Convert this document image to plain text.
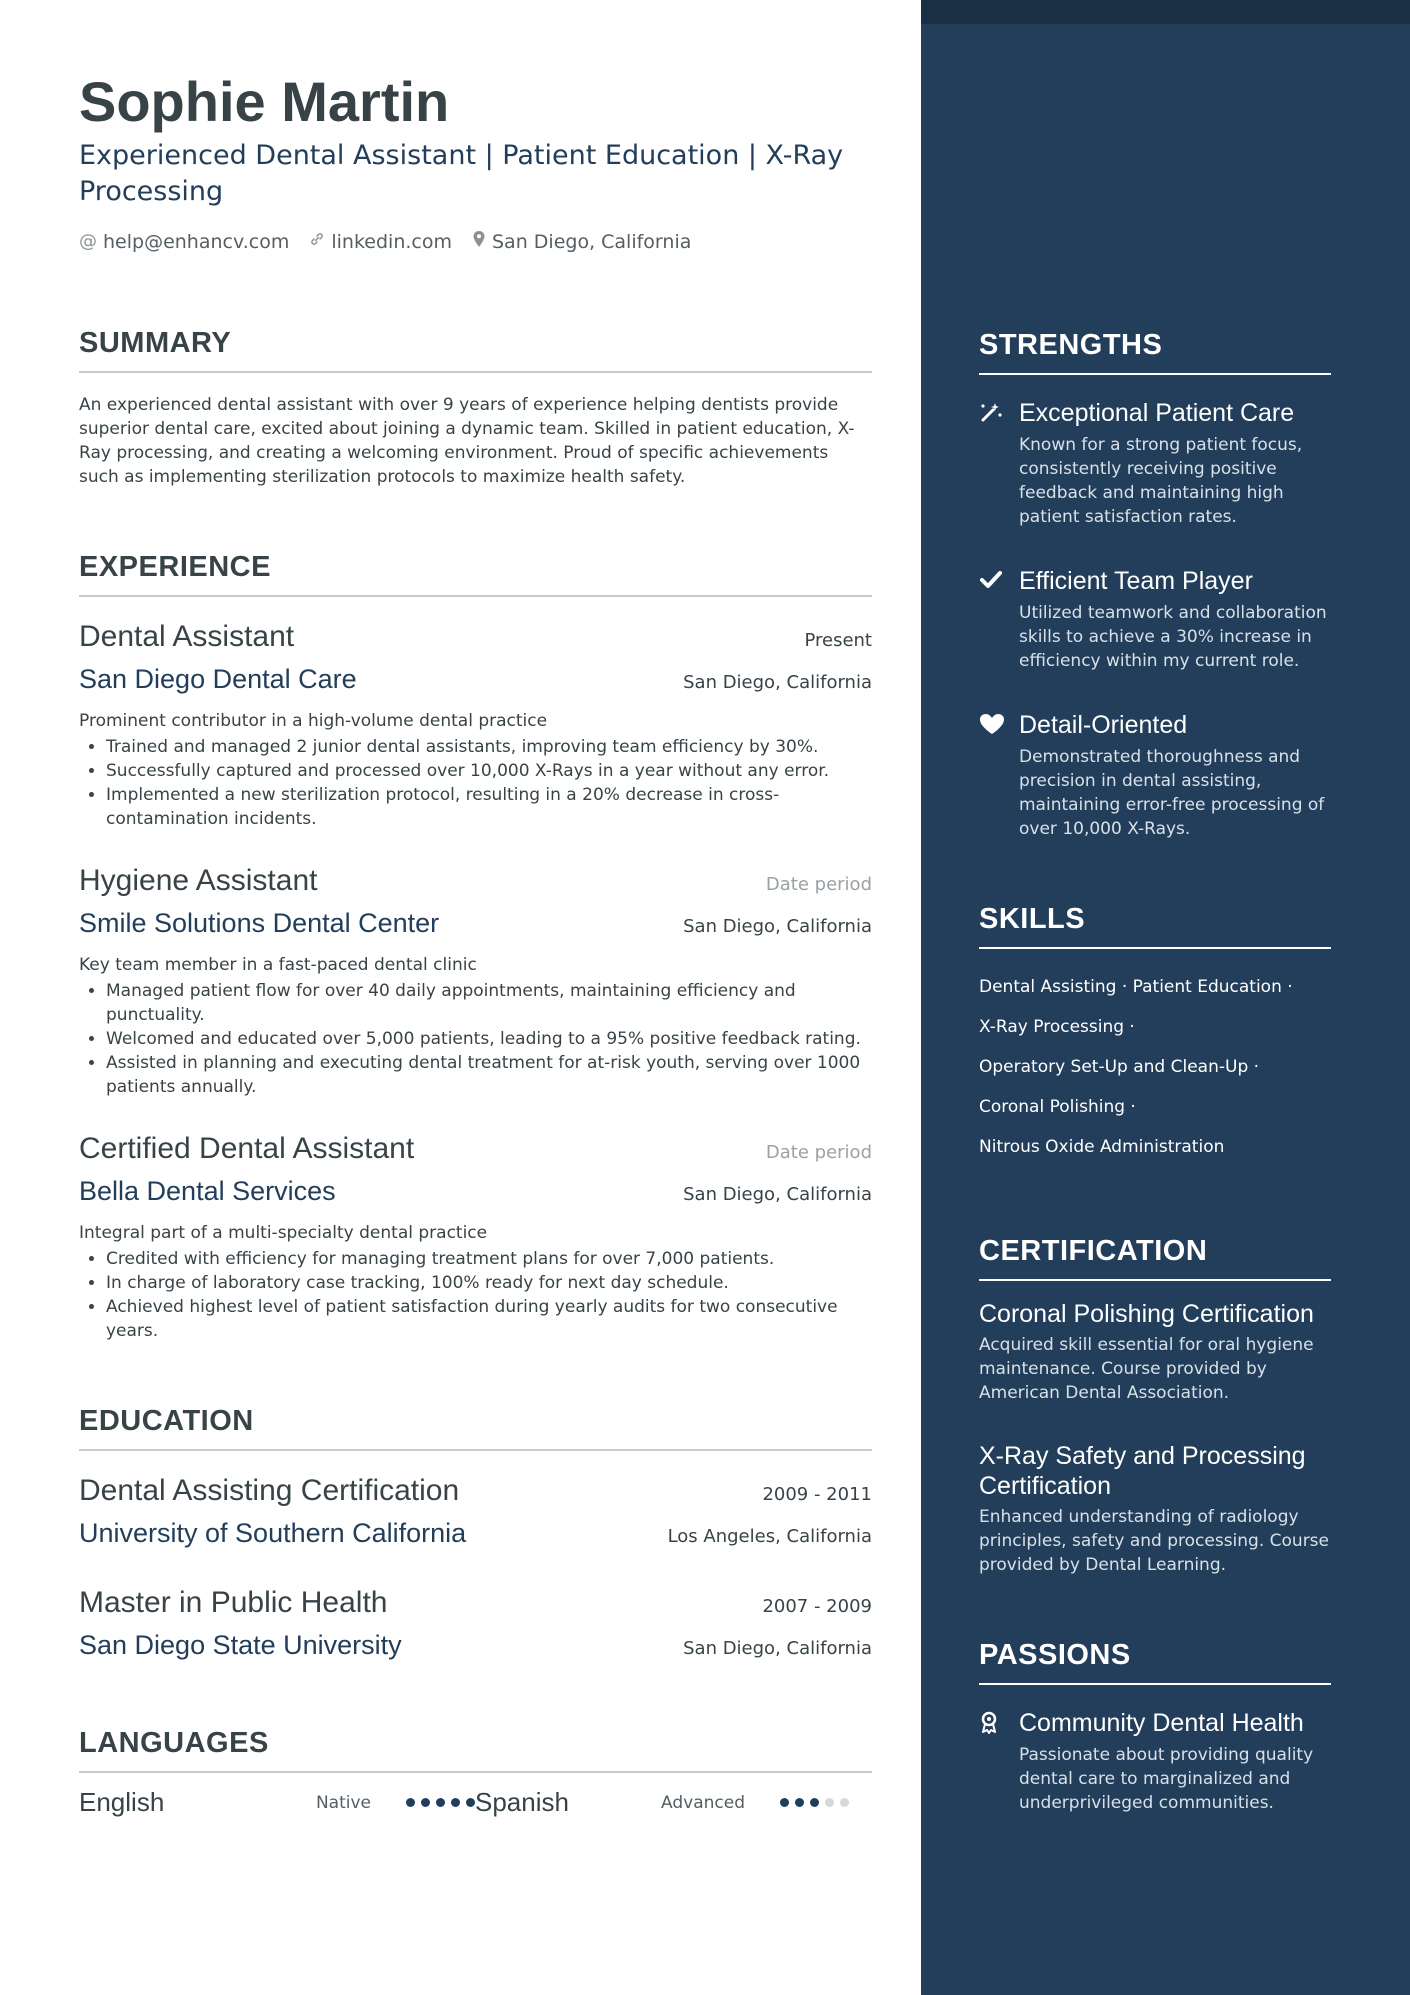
Sophie Martin
Experienced Dental Assistant | Patient Education | X-Ray Processing
@ help@enhancv.com linkedin.com San Diego, California
SUMMARY
An experienced dental assistant with over 9 years of experience helping dentists provide superior dental care, excited about joining a dynamic team. Skilled in patient education, X-Ray processing, and creating a welcoming environment. Proud of specific achievements such as implementing sterilization protocols to maximize health safety.
EXPERIENCE
Dental Assistant	Present
San Diego Dental Care	San Diego, California
Prominent contributor in a high-volume dental practice
• Trained and managed 2 junior dental assistants, improving team efficiency by 30%.
• Successfully captured and processed over 10,000 X-Rays in a year without any error.
• Implemented a new sterilization protocol, resulting in a 20% decrease in cross-contamination incidents.
Hygiene Assistant	Date period
Smile Solutions Dental Center	San Diego, California
Key team member in a fast-paced dental clinic
• Managed patient flow for over 40 daily appointments, maintaining efficiency and punctuality.
• Welcomed and educated over 5,000 patients, leading to a 95% positive feedback rating.
• Assisted in planning and executing dental treatment for at-risk youth, serving over 1000 patients annually.
Certified Dental Assistant	Date period
Bella Dental Services	San Diego, California
Integral part of a multi-specialty dental practice
• Credited with efficiency for managing treatment plans for over 7,000 patients.
• In charge of laboratory case tracking, 100% ready for next day schedule.
• Achieved highest level of patient satisfaction during yearly audits for two consecutive years.
EDUCATION
Dental Assisting Certification	2009 - 2011
University of Southern California	Los Angeles, California
Master in Public Health	2007 - 2009
San Diego State University	San Diego, California
LANGUAGES
English	Native	Spanish	Advanced
STRENGTHS
Exceptional Patient Care
Known for a strong patient focus, consistently receiving positive feedback and maintaining high patient satisfaction rates.
Efficient Team Player
Utilized teamwork and collaboration skills to achieve a 30% increase in efficiency within my current role.
Detail-Oriented
Demonstrated thoroughness and precision in dental assisting, maintaining error-free processing of over 10,000 X-Rays.
SKILLS
Dental Assisting · Patient Education ·
X-Ray Processing ·
Operatory Set-Up and Clean-Up ·
Coronal Polishing ·
Nitrous Oxide Administration
CERTIFICATION
Coronal Polishing Certification
Acquired skill essential for oral hygiene maintenance. Course provided by American Dental Association.
X-Ray Safety and Processing Certification
Enhanced understanding of radiology principles, safety and processing. Course provided by Dental Learning.
PASSIONS
Community Dental Health
Passionate about providing quality dental care to marginalized and underprivileged communities.
